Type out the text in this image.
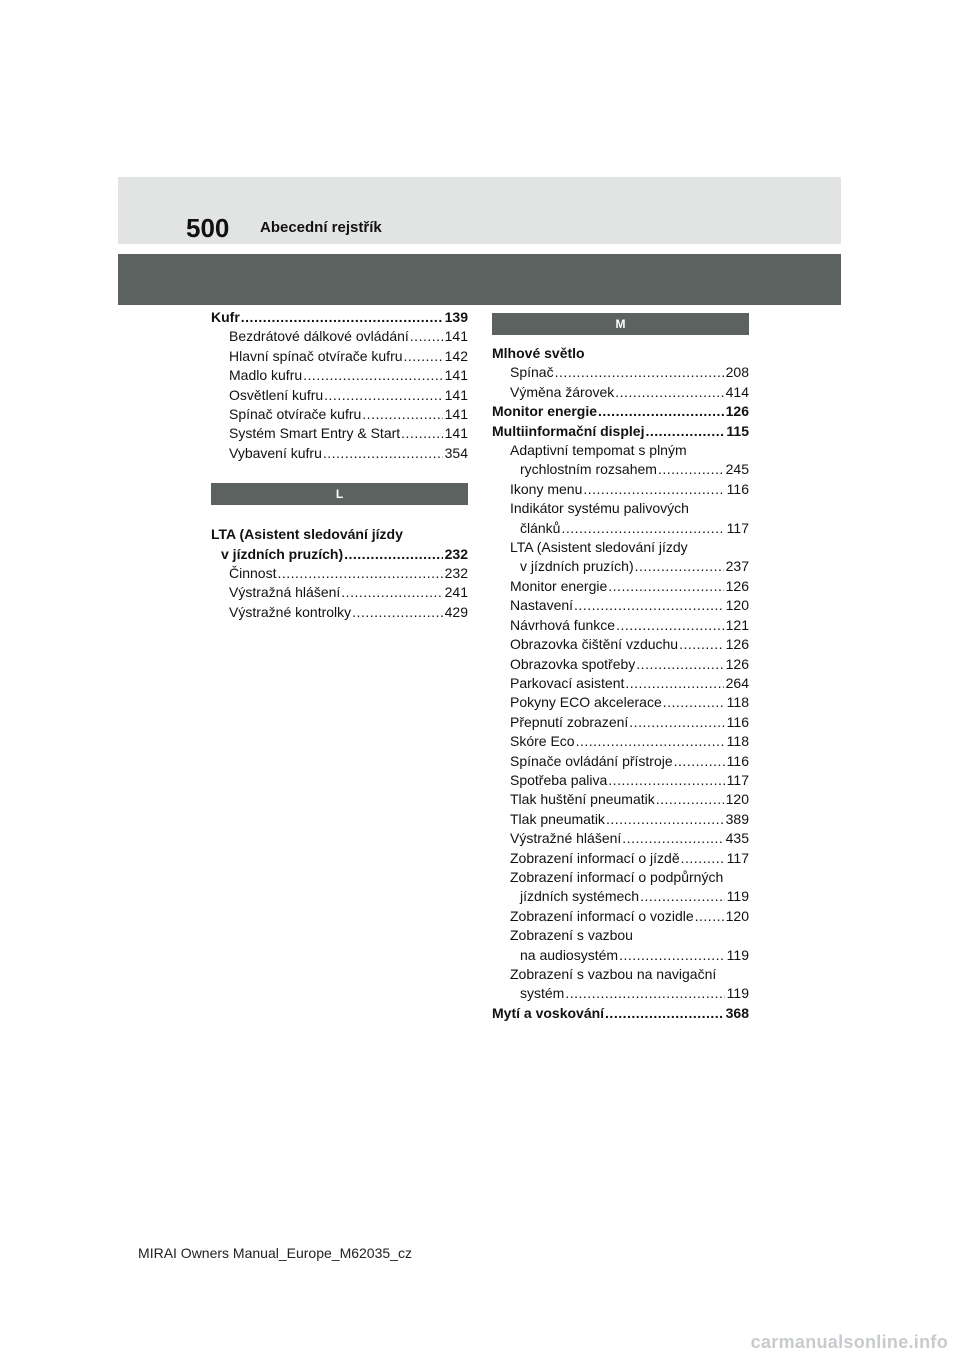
500 Abecední rejstřík
Kufr .....	139
Bezdrátové dálkové ovládání .....	141
Hlavní spínač otvírače kufru .....	142
Madlo kufru .....	141
Osvětlení kufru .....	141
Spínač otvírače kufru .....	141
Systém Smart Entry & Start .....	141
Vybavení kufru .....	354
L
LTA (Asistent sledování jízdy
v jízdních pruzích) .....	232
Činnost .....	232
Výstražná hlášení .....	241
Výstražné kontrolky .....	429
M
Mlhové světlo
Spínač .....	208
Výměna žárovek .....	414
Monitor energie .....	126
Multiinformační displej .....	115
Adaptivní tempomat s plným
rychlostním rozsahem .....	245
Ikony menu .....	116
Indikátor systému palivových
článků .....	117
LTA (Asistent sledování jízdy
v jízdních pruzích) .....	237
Monitor energie .....	126
Nastavení .....	120
Návrhová funkce .....	121
Obrazovka čištění vzduchu .....	126
Obrazovka spotřeby .....	126
Parkovací asistent .....	264
Pokyny ECO akcelerace .....	118
Přepnutí zobrazení .....	116
Skóre Eco .....	118
Spínače ovládání přístroje .....	116
Spotřeba paliva .....	117
Tlak huštění pneumatik .....	120
Tlak pneumatik .....	389
Výstražné hlášení .....	435
Zobrazení informací o jízdě .....	117
Zobrazení informací o podpůrných
jízdních systémech .....	119
Zobrazení informací o vozidle ..... 120
Zobrazení s vazbou
na audiosystém .....	119
Zobrazení s vazbou na navigační
systém .....	119
Mytí a voskování .....	368
MIRAI Owners Manual_Europe_M62035_cz
carmanualsonline.info
